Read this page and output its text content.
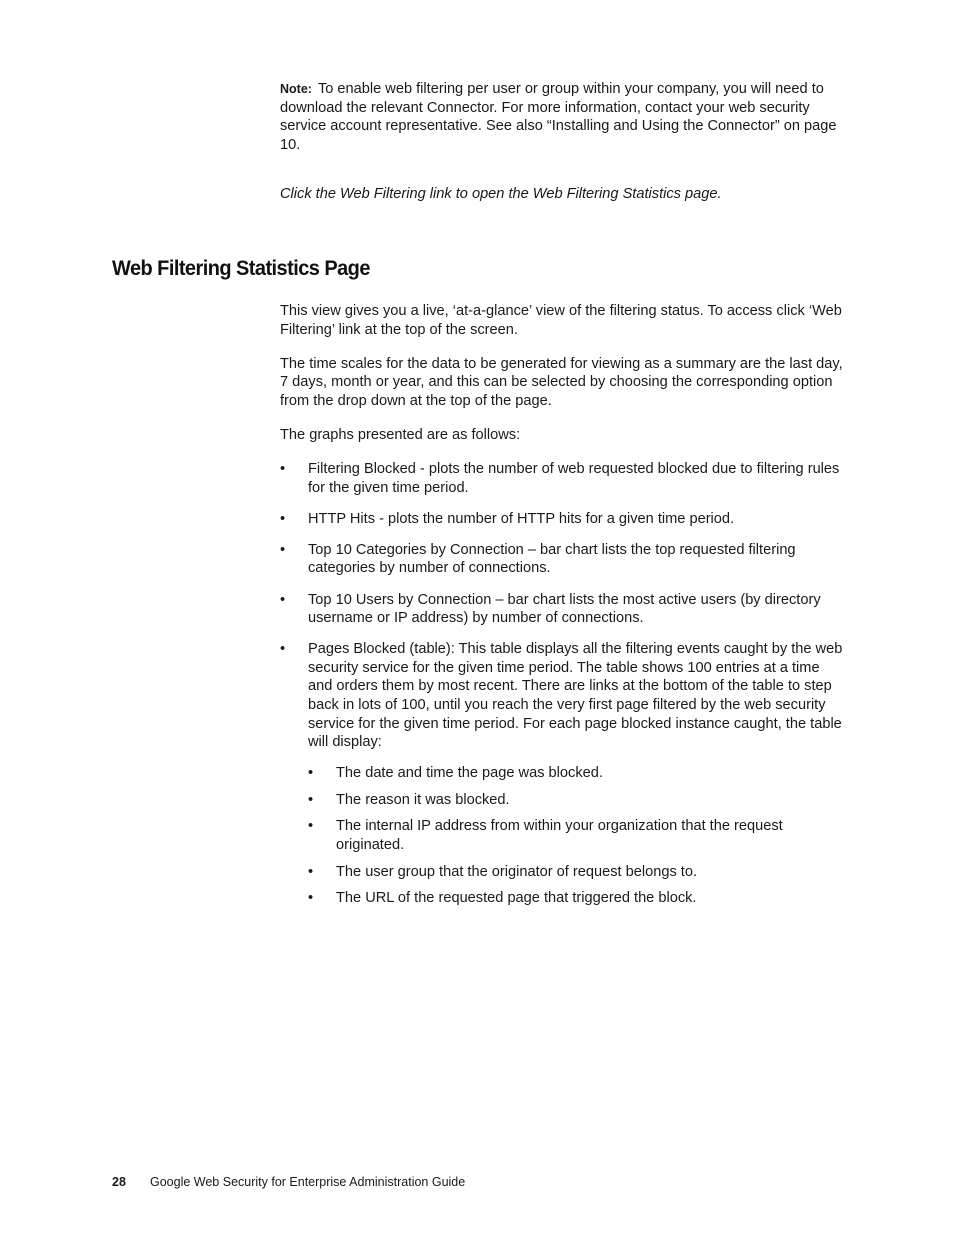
Note: To enable web filtering per user or group within your company, you will need to download the relevant Connector. For more information, contact your web security service account representative. See also “Installing and Using the Connector” on page 10.
Click the Web Filtering link to open the Web Filtering Statistics page.
Web Filtering Statistics Page

This view gives you a live, ‘at-a-glance’ view of the filtering status. To access click ‘Web Filtering’ link at the top of the screen.

The time scales for the data to be generated for viewing as a summary are the last day, 7 days, month or year, and this can be selected by choosing the corresponding option from the drop down at the top of the page.

The graphs presented are as follows:

• Filtering Blocked - plots the number of web requested blocked due to filtering rules for the given time period.
• HTTP Hits - plots the number of HTTP hits for a given time period.
• Top 10 Categories by Connection – bar chart lists the top requested filtering categories by number of connections.
• Top 10 Users by Connection – bar chart lists the most active users (by directory username or IP address) by number of connections.
• Pages Blocked (table): This table displays all the filtering events caught by the web security service for the given time period. The table shows 100 entries at a time and orders them by most recent. There are links at the bottom of the table to step back in lots of 100, until you reach the very first page filtered by the web security service for the given time period. For each page blocked instance caught, the table will display:
• The date and time the page was blocked.
• The reason it was blocked.
• The internal IP address from within your organization that the request originated.
• The user group that the originator of request belongs to.
• The URL of the requested page that triggered the block.
28 Google Web Security for Enterprise Administration Guide
